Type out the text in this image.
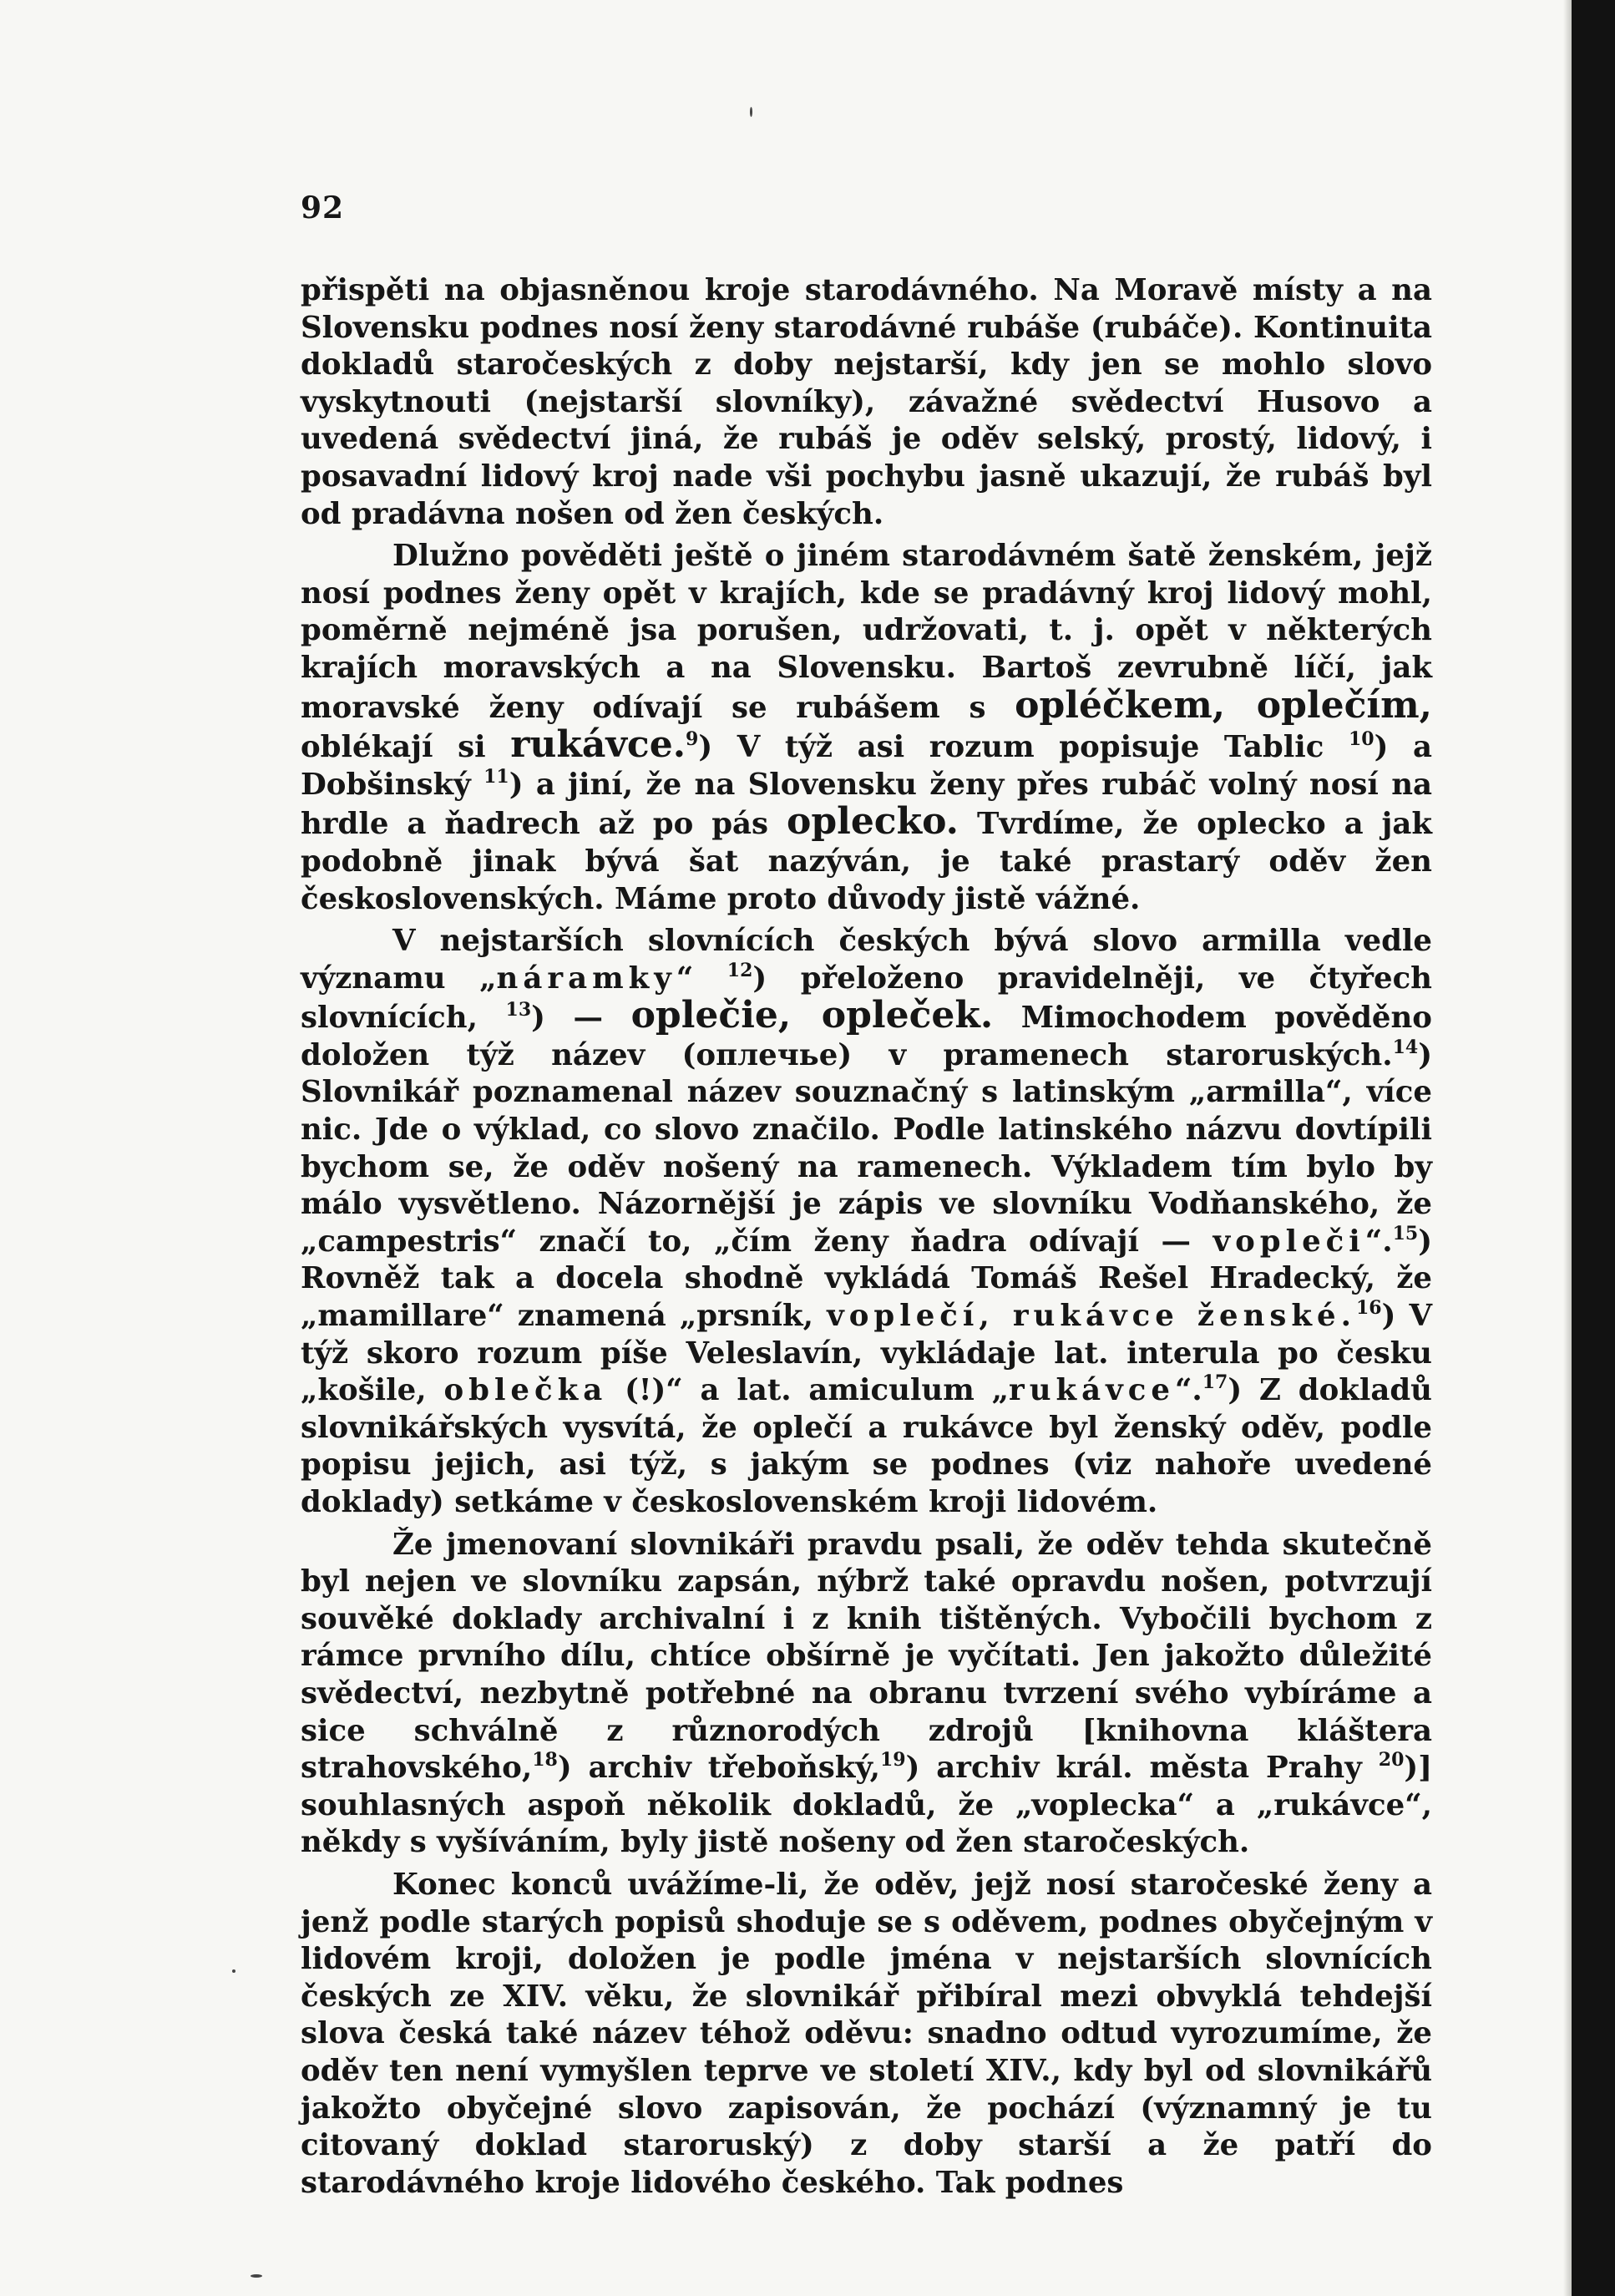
92

přispěti na objasněnou kroje starodávného. Na Moravě místy a na Slovensku podnes nosí ženy starodávné rubáše (rubáče). Kontinuita dokladů staročeských z doby nejstarší, kdy jen se mohlo slovo vyskytnouti (nejstarší slovníky), závažné svědectví Husovo a uvedená svědectví jiná, že rubáš je oděv selský, prostý, lidový, i posavadní lidový kroj nade vši pochybu jasně ukazují, že rubáš byl od pradávna nošen od žen českých.

Dlužno pověděti ještě o jiném starodávném šatě ženském, jejž nosí podnes ženy opět v krajích, kde se pradávný kroj lidový mohl, poměrně nejméně jsa porušen, udržovati, t. j. opět v některých krajích moravských a na Slovensku. Bartoš zevrubně líčí, jak moravské ženy odívají se rubášem s opléčkem, oplečím, oblékají si rukávce.$^9$) V týž asi rozum popisuje Tablic $^{10}$) a Dobšinský $^{11}$) a jiní, že na Slovensku ženy přes rubáč volný nosí na hrdle a ňadrech až po pás oplecko. Tvrdíme, že oplecko a jak podobně jinak bývá šat nazýván, je také prastarý oděv žen československých. Máme proto důvody jistě vážné.

V nejstarších slovnících českých bývá slovo armilla vedle významu „náramky“ $^{12}$) přeloženo pravidelněji, ve čtyřech slovnících, $^{13}$) — oplečie, oplеček. Mimochodem pověděno doložen týž název (оплечье) v pramenech staroruských.$^{14}$) Slovnikář poznamenal název souznačný s latinským „armilla“, více nic. Jde o výklad, co slovo značilo. Podle latinského názvu dovtípili bychom se, že oděv nošený na ramenech. Výkladem tím bylo by málo vysvětleno. Názornější je zápis ve slovníku Vodňanského, že „campestris“ značí to, „čím ženy ňadra odívají — vopleči“.$^{15}$) Rovněž tak a docela shodně vykládá Tomáš Rešel Hradecký, že „mamillare“ znamená „prsník, voplečí, rukávce ženské.$^{16}$) V týž skoro rozum píše Veleslavín, vykládaje lat. interula po česku „košile, oblečka (!)“ a lat. amiculum „rukávce“.$^{17}$) Z dokladů slovnikářských vysvítá, že oplečí a rukávce byl ženský oděv, podle popisu jejich, asi týž, s jakým se podnes (viz nahoře uvedené doklady) setkáme v československém kroji lidovém.

Že jmenovaní slovnikáři pravdu psali, že oděv tehda skutečně byl nejen ve slovníku zapsán, nýbrž také opravdu nošen, potvrzují souvěké doklady archivalní i z knih tištěných. Vybočili bychom z rámce prvního dílu, chtíce obšírně je vyčítati. Jen jakožto důležité svědectví, nezbytně potřebné na obranu tvrzení svého vybíráme a sice schválně z různorodých zdrojů [knihovna kláštera strahovského,$^{18}$) archiv třeboňský,$^{19}$) archiv král. města Prahy $^{20}$)] souhlasných aspoň několik dokladů, že „voplecka“ a „rukávce“, někdy s vyšíváním, byly jistě nošeny od žen staročeských.

Konec konců uvážíme-li, že oděv, jejž nosí staročeské ženy a jenž podle starých popisů shoduje se s oděvem, podnes obyčejným v lidovém kroji, doložen je podle jména v nejstarších slovnících českých ze XIV. věku, že slovnikář přibíral mezi obvyklá tehdejší slova česká také název téhož oděvu: snadno odtud vyrozumíme, že oděv ten není vymyšlen teprve ve století XIV., kdy byl od slovnikářů jakožto obyčejné slovo zapisován, že pochází (významný je tu citovaný doklad staroruský) z doby starší a že patří do starodávného kroje lidového českého. Tak podnes
